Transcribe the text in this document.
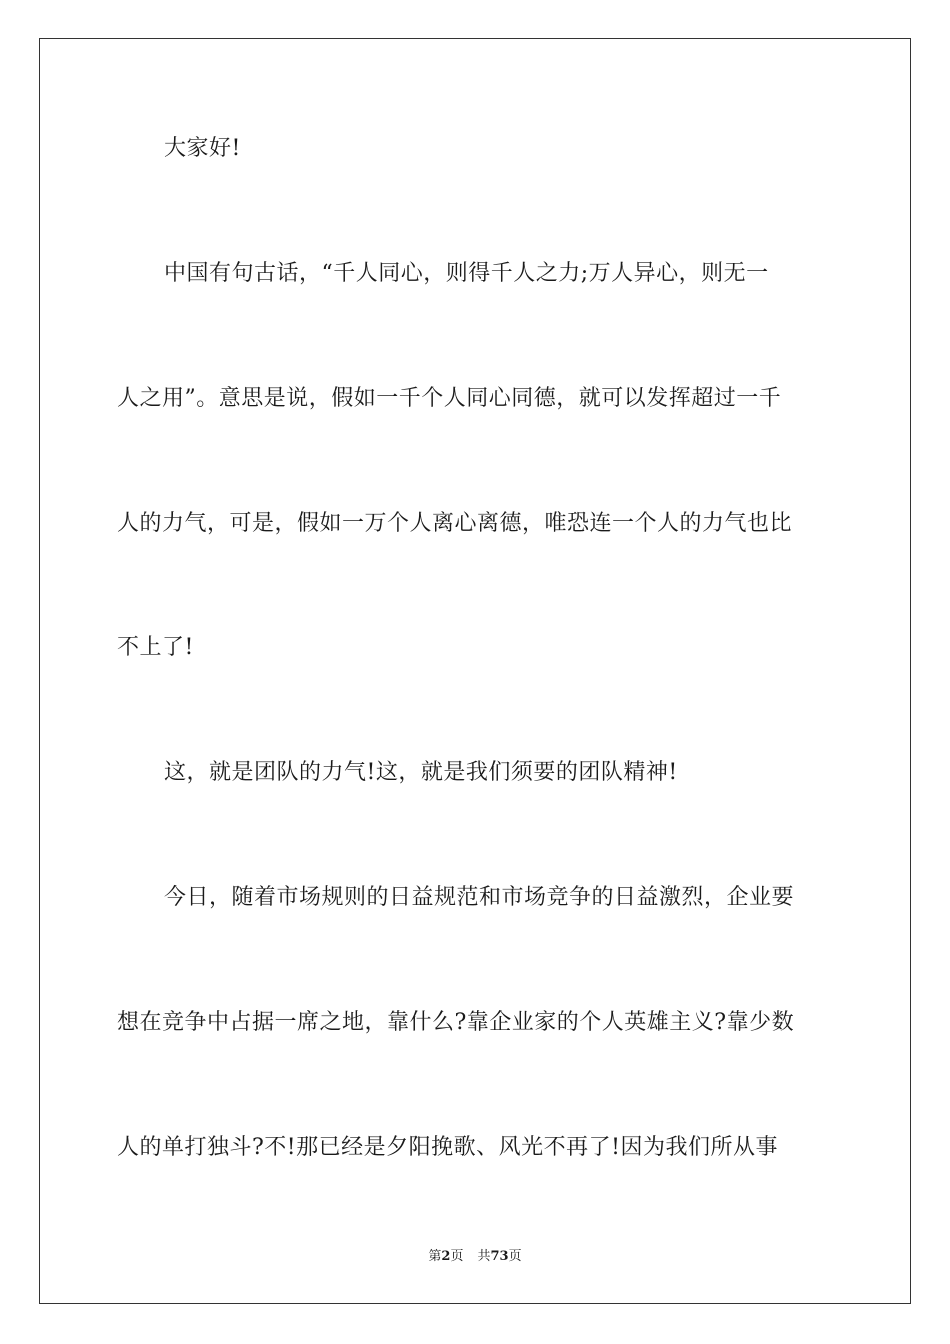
大家好!
中国有句古话，“千人同心，则得千人之力;万人异心，则无一
人之用”。意思是说，假如一千个人同心同德，就可以发挥超过一千
人的力气，可是，假如一万个人离心离德，唯恐连一个人的力气也比
不上了!
这，就是团队的力气!这，就是我们须要的团队精神!
今日，随着市场规则的日益规范和市场竞争的日益激烈，企业要
想在竞争中占据一席之地，靠什么?靠企业家的个人英雄主义?靠少数
人的单打独斗?不!那已经是夕阳挽歌、风光不再了!因为我们所从事
第2页 共73页
